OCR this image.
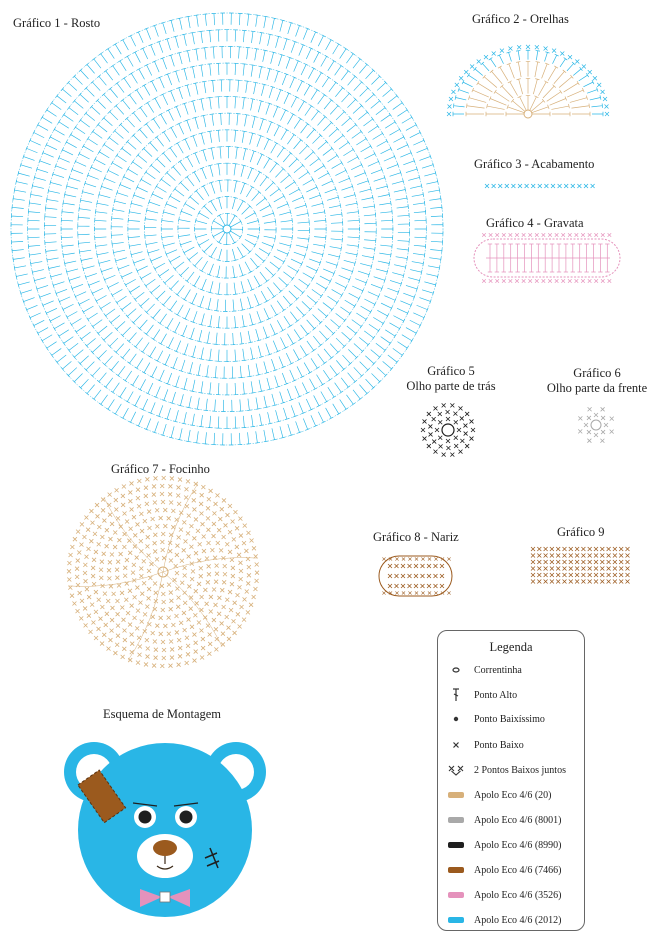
Gráfico 1 - Rosto	Gráfico 2 - Orelhas
Gráfico 3 - Acabamento
Gráfico 4 - Gravata
Gráfico 5
Olho parte de trás
Gráfico 6
Olho parte da frente
Gráfico 7 - Focinho
Gráfico 8 - Nariz	Gráfico 9
Esquema de Montagem
Legenda
Correntinha
Ponto Alto
Ponto Baixíssimo
Ponto Baixo
2 Pontos Baixos juntos
Apolo Eco 4/6 (20)
Apolo Eco 4/6 (8001)
Apolo Eco 4/6 (8990)
Apolo Eco 4/6 (7466)
Apolo Eco 4/6 (3526)
Apolo Eco 4/6 (2012)
